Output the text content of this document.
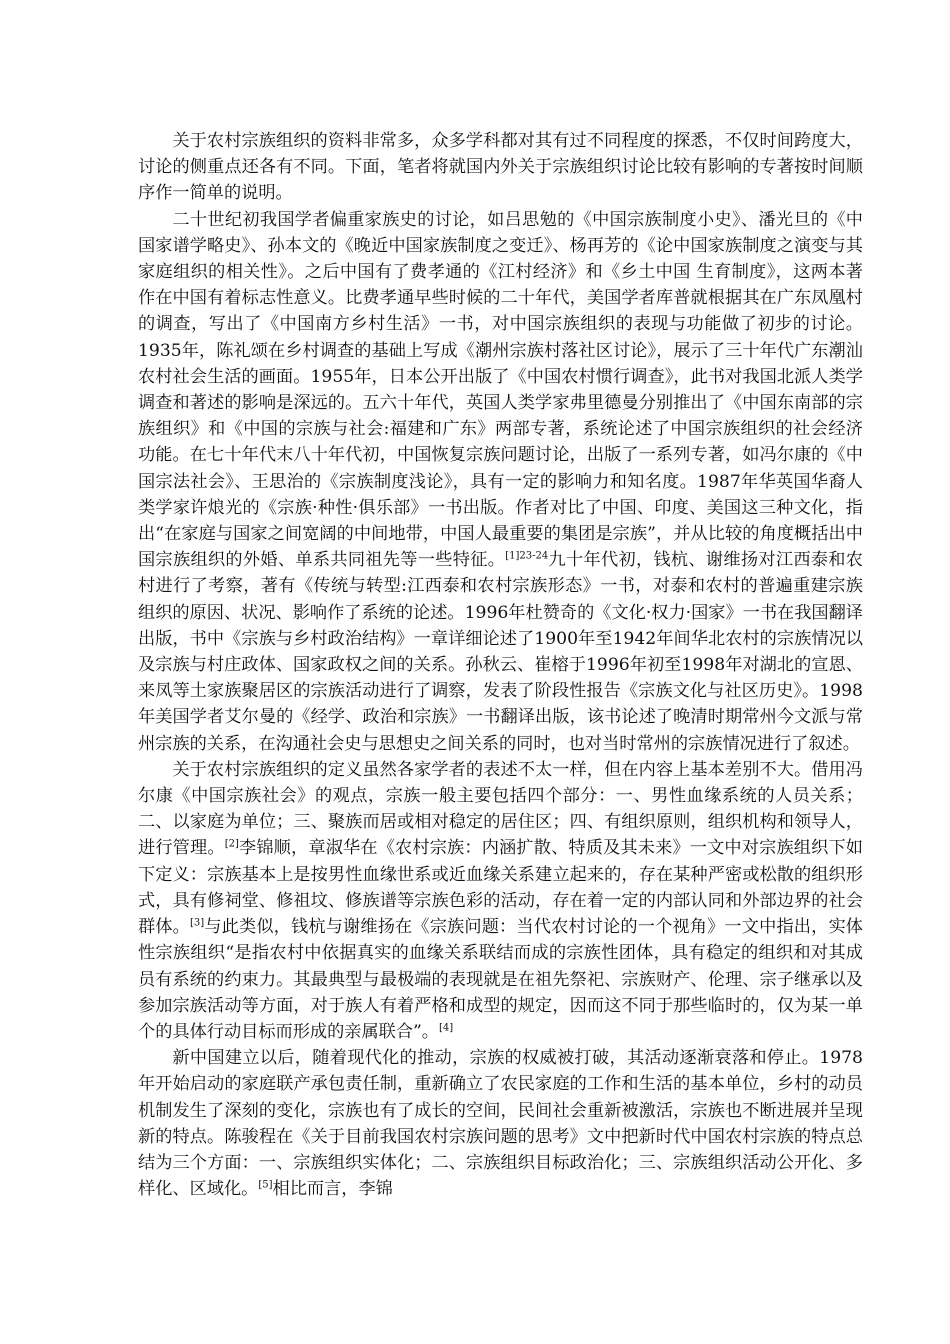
关于农村宗族组织的资料非常多，众多学科都对其有过不同程度的探悉，不仅时间跨度大，讨论的侧重点还各有不同。下面，笔者将就国内外关于宗族组织讨论比较有影响的专著按时间顺序作一简单的说明。

二十世纪初我国学者偏重家族史的讨论，如吕思勉的《中国宗族制度小史》、潘光旦的《中国家谱学略史》、孙本文的《晚近中国家族制度之变迁》、杨再芳的《论中国家族制度之演变与其家庭组织的相关性》。之后中国有了费孝通的《江村经济》和《乡土中国 生育制度》，这两本著作在中国有着标志性意义。比费孝通早些时候的二十年代，美国学者库普就根据其在广东凤凰村的调查，写出了《中国南方乡村生活》一书，对中国宗族组织的表现与功能做了初步的讨论。1935年，陈礼颂在乡村调查的基础上写成《潮州宗族村落社区讨论》，展示了三十年代广东潮汕农村社会生活的画面。1955年，日本公开出版了《中国农村惯行调查》，此书对我国北派人类学调查和著述的影响是深远的。五六十年代，英国人类学家弗里德曼分别推出了《中国东南部的宗族组织》和《中国的宗族与社会:福建和广东》两部专著，系统论述了中国宗族组织的社会经济功能。在七十年代末八十年代初，中国恢复宗族问题讨论，出版了一系列专著，如冯尔康的《中国宗法社会》、王思治的《宗族制度浅论》，具有一定的影响力和知名度。1987年华英国华裔人类学家许烺光的《宗族·种性·俱乐部》一书出版。作者对比了中国、印度、美国这三种文化，指出“在家庭与国家之间宽阔的中间地带，中国人最重要的集团是宗族”，并从比较的角度概括出中国宗族组织的外婚、单系共同祖先等一些特征。$^{[1]23-24}$九十年代初，钱杭、谢维扬对江西泰和农村进行了考察，著有《传统与转型:江西泰和农村宗族形态》一书，对泰和农村的普遍重建宗族组织的原因、状况、影响作了系统的论述。1996年杜赞奇的《文化·权力·国家》一书在我国翻译出版，书中《宗族与乡村政治结构》一章详细论述了1900年至1942年间华北农村的宗族情况以及宗族与村庄政体、国家政权之间的关系。孙秋云、崔榕于1996年初至1998年对湖北的宣恩、来凤等土家族聚居区的宗族活动进行了调察，发表了阶段性报告《宗族文化与社区历史》。1998年美国学者艾尔曼的《经学、政治和宗族》一书翻译出版，该书论述了晚清时期常州今文派与常州宗族的关系，在沟通社会史与思想史之间关系的同时，也对当时常州的宗族情况进行了叙述。

关于农村宗族组织的定义虽然各家学者的表述不太一样，但在内容上基本差别不大。借用冯尔康《中国宗族社会》的观点，宗族一般主要包括四个部分：一、男性血缘系统的人员关系；二、以家庭为单位；三、聚族而居或相对稳定的居住区；四、有组织原则，组织机构和领导人，进行管理。[2]李锦顺，章淑华在《农村宗族：内涵扩散、特质及其未来》一文中对宗族组织下如下定义：宗族基本上是按男性血缘世系或近血缘关系建立起来的，存在某种严密或松散的组织形式，具有修祠堂、修祖坟、修族谱等宗族色彩的活动，存在着一定的内部认同和外部边界的社会群体。[3]与此类似，钱杭与谢维扬在《宗族问题：当代农村讨论的一个视角》一文中指出，实体性宗族组织“是指农村中依据真实的血缘关系联结而成的宗族性团体，具有稳定的组织和对其成员有系统的约束力。其最典型与最极端的表现就是在祖先祭祀、宗族财产、伦理、宗子继承以及参加宗族活动等方面，对于族人有着严格和成型的规定，因而这不同于那些临时的，仅为某一单个的具体行动目标而形成的亲属联合”。[4]

新中国建立以后，随着现代化的推动，宗族的权威被打破，其活动逐渐衰落和停止。1978年开始启动的家庭联产承包责任制，重新确立了农民家庭的工作和生活的基本单位，乡村的动员机制发生了深刻的变化，宗族也有了成长的空间，民间社会重新被激活，宗族也不断进展并呈现新的特点。陈骏程在《关于目前我国农村宗族问题的思考》文中把新时代中国农村宗族的特点总结为三个方面：一、宗族组织实体化；二、宗族组织目标政治化；三、宗族组织活动公开化、多样化、区域化。[5]相比而言，李锦
